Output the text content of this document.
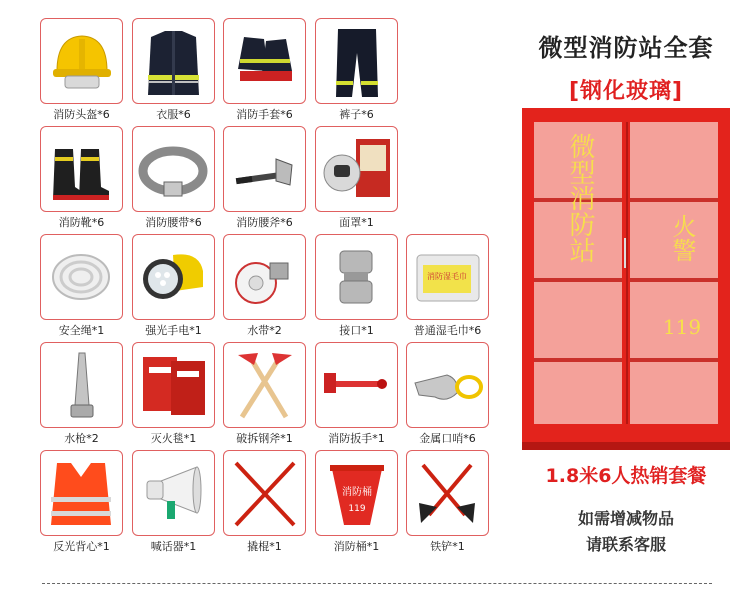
消防头盔*6	衣服*6	消防手套*6	裤子*6
消防靴*6	消防腰带*6	消防腰斧*6	面罩*1
安全绳*1	强光手电*1	水带*2	接口*1
消防湿毛巾
普通湿毛巾*6
水枪*2	灭火毯*1	破拆钢斧*1	消防扳手*1	金属口哨*6
反光背心*1	喊话器*1	撬棍*1
消防桶
119
消防桶*1	铁铲*1
微型消防站全套
[钢化玻璃]
微型消防站	火警
119
1.8米6人热销套餐
如需增减物品
请联系客服
